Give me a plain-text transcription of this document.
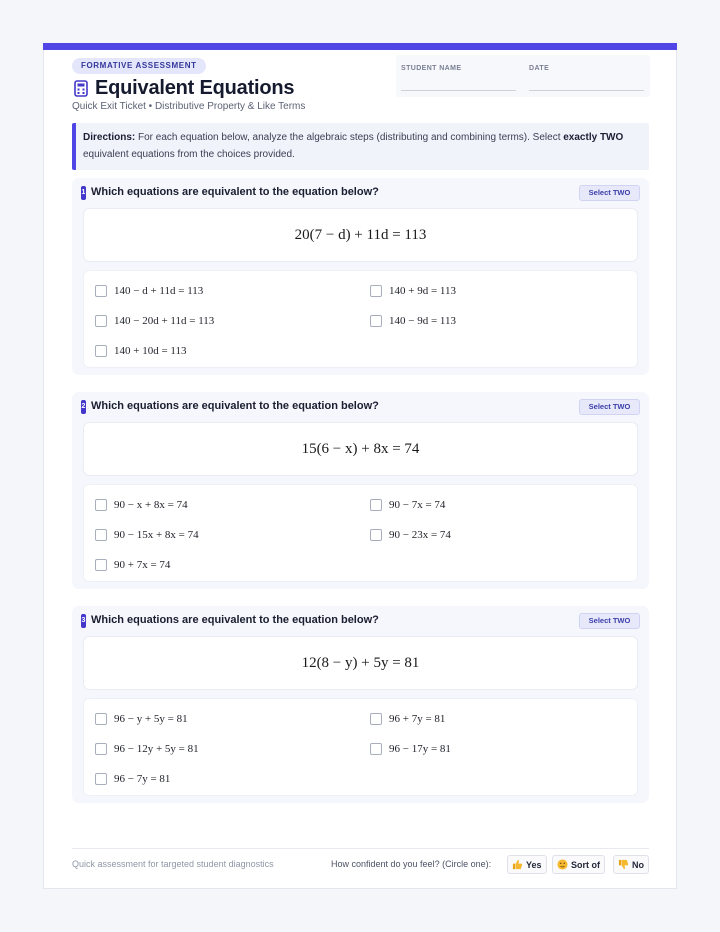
FORMATIVE ASSESSMENT
Equivalent Equations
Quick Exit Ticket • Distributive Property & Like Terms
STUDENT NAME	DATE
Directions: For each equation below, analyze the algebraic steps (distributing and combining terms). Select exactly TWO equivalent equations from the choices provided.
1 Which equations are equivalent to the equation below?	Select TWO
20(7 − d) + 11d = 113
140 − d + 11d = 113	140 + 9d = 113
140 − 20d + 11d = 113	140 − 9d = 113
140 + 10d = 113
2 Which equations are equivalent to the equation below?	Select TWO
15(6 − x) + 8x = 74
90 − x + 8x = 74	90 − 7x = 74
90 − 15x + 8x = 74	90 − 23x = 74
90 + 7x = 74
3 Which equations are equivalent to the equation below?	Select TWO
12(8 − y) + 5y = 81
96 − y + 5y = 81	96 + 7y = 81
96 − 12y + 5y = 81	96 − 17y = 81
96 − 7y = 81
Quick assessment for targeted student diagnostics	How confident do you feel? (Circle one):	Yes	Sort of	No
